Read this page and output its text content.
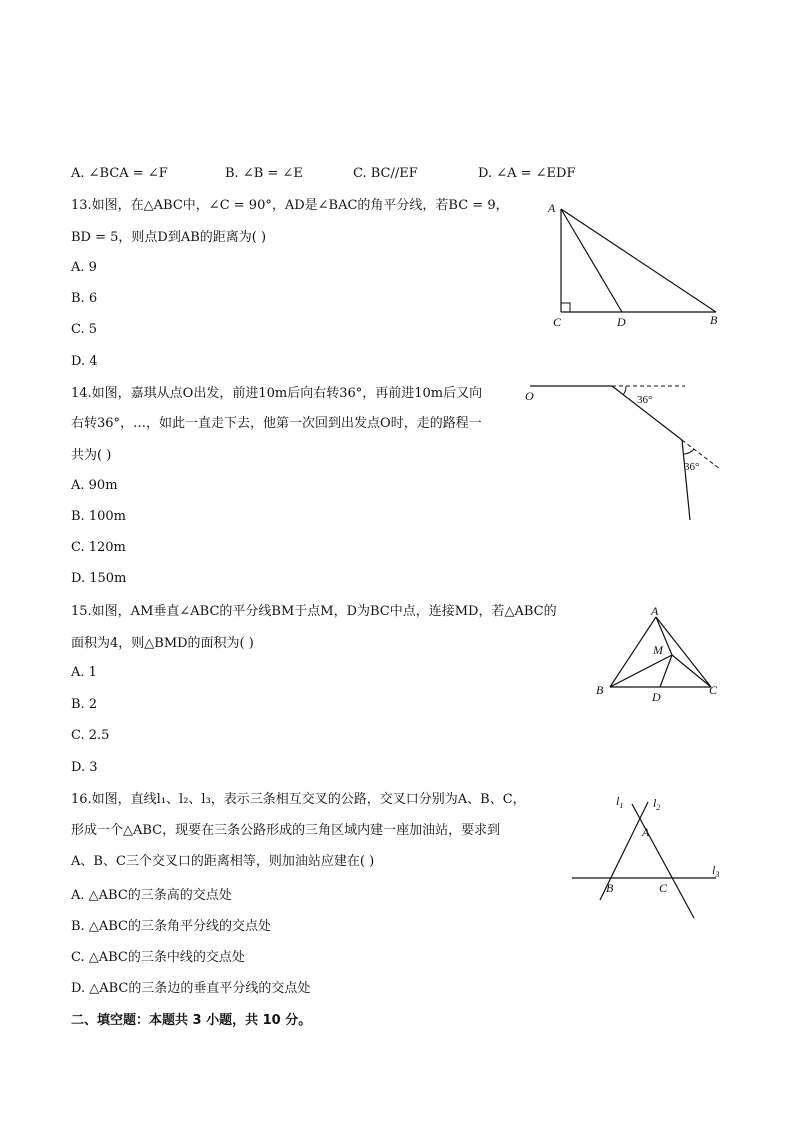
A. ∠BCA = ∠F	B. ∠B = ∠E	C. BC//EF	D. ∠A = ∠EDF
13.如图，在△ABC中，∠C = 90°，AD是∠BAC的角平分线，若BC = 9，
BD = 5，则点D到AB的距离为( )
A. 9
B. 6
C. 5
D. 4
A
C	D	B
14.如图，嘉琪从点O出发，前进10m后向右转36°，再前进10m后又向
右转36°，…，如此一直走下去，他第一次回到出发点O时，走的路程一
共为( )
A. 90m
B. 100m
C. 120m
D. 150m
O	36°
36°
15.如图，AM垂直∠ABC的平分线BM于点M，D为BC中点，连接MD，若△ABC的
面积为4，则△BMD的面积为( )
A. 1
B. 2
C. 2.5
D. 3
A
M
B	D	C
16.如图，直线l₁、l₂、l₃，表示三条相互交叉的公路，交叉口分别为A、B、C，
形成一个△ABC，现要在三条公路形成的三角区域内建一座加油站，要求到
A、B、C三个交叉口的距离相等，则加油站应建在( )
A. △ABC的三条高的交点处
B. △ABC的三条角平分线的交点处
C. △ABC的三条中线的交点处
D. △ABC的三条边的垂直平分线的交点处
$l_1$ $l_2$
$l_3$
A
B	C
二、填空题：本题共 3 小题，共 10 分。
